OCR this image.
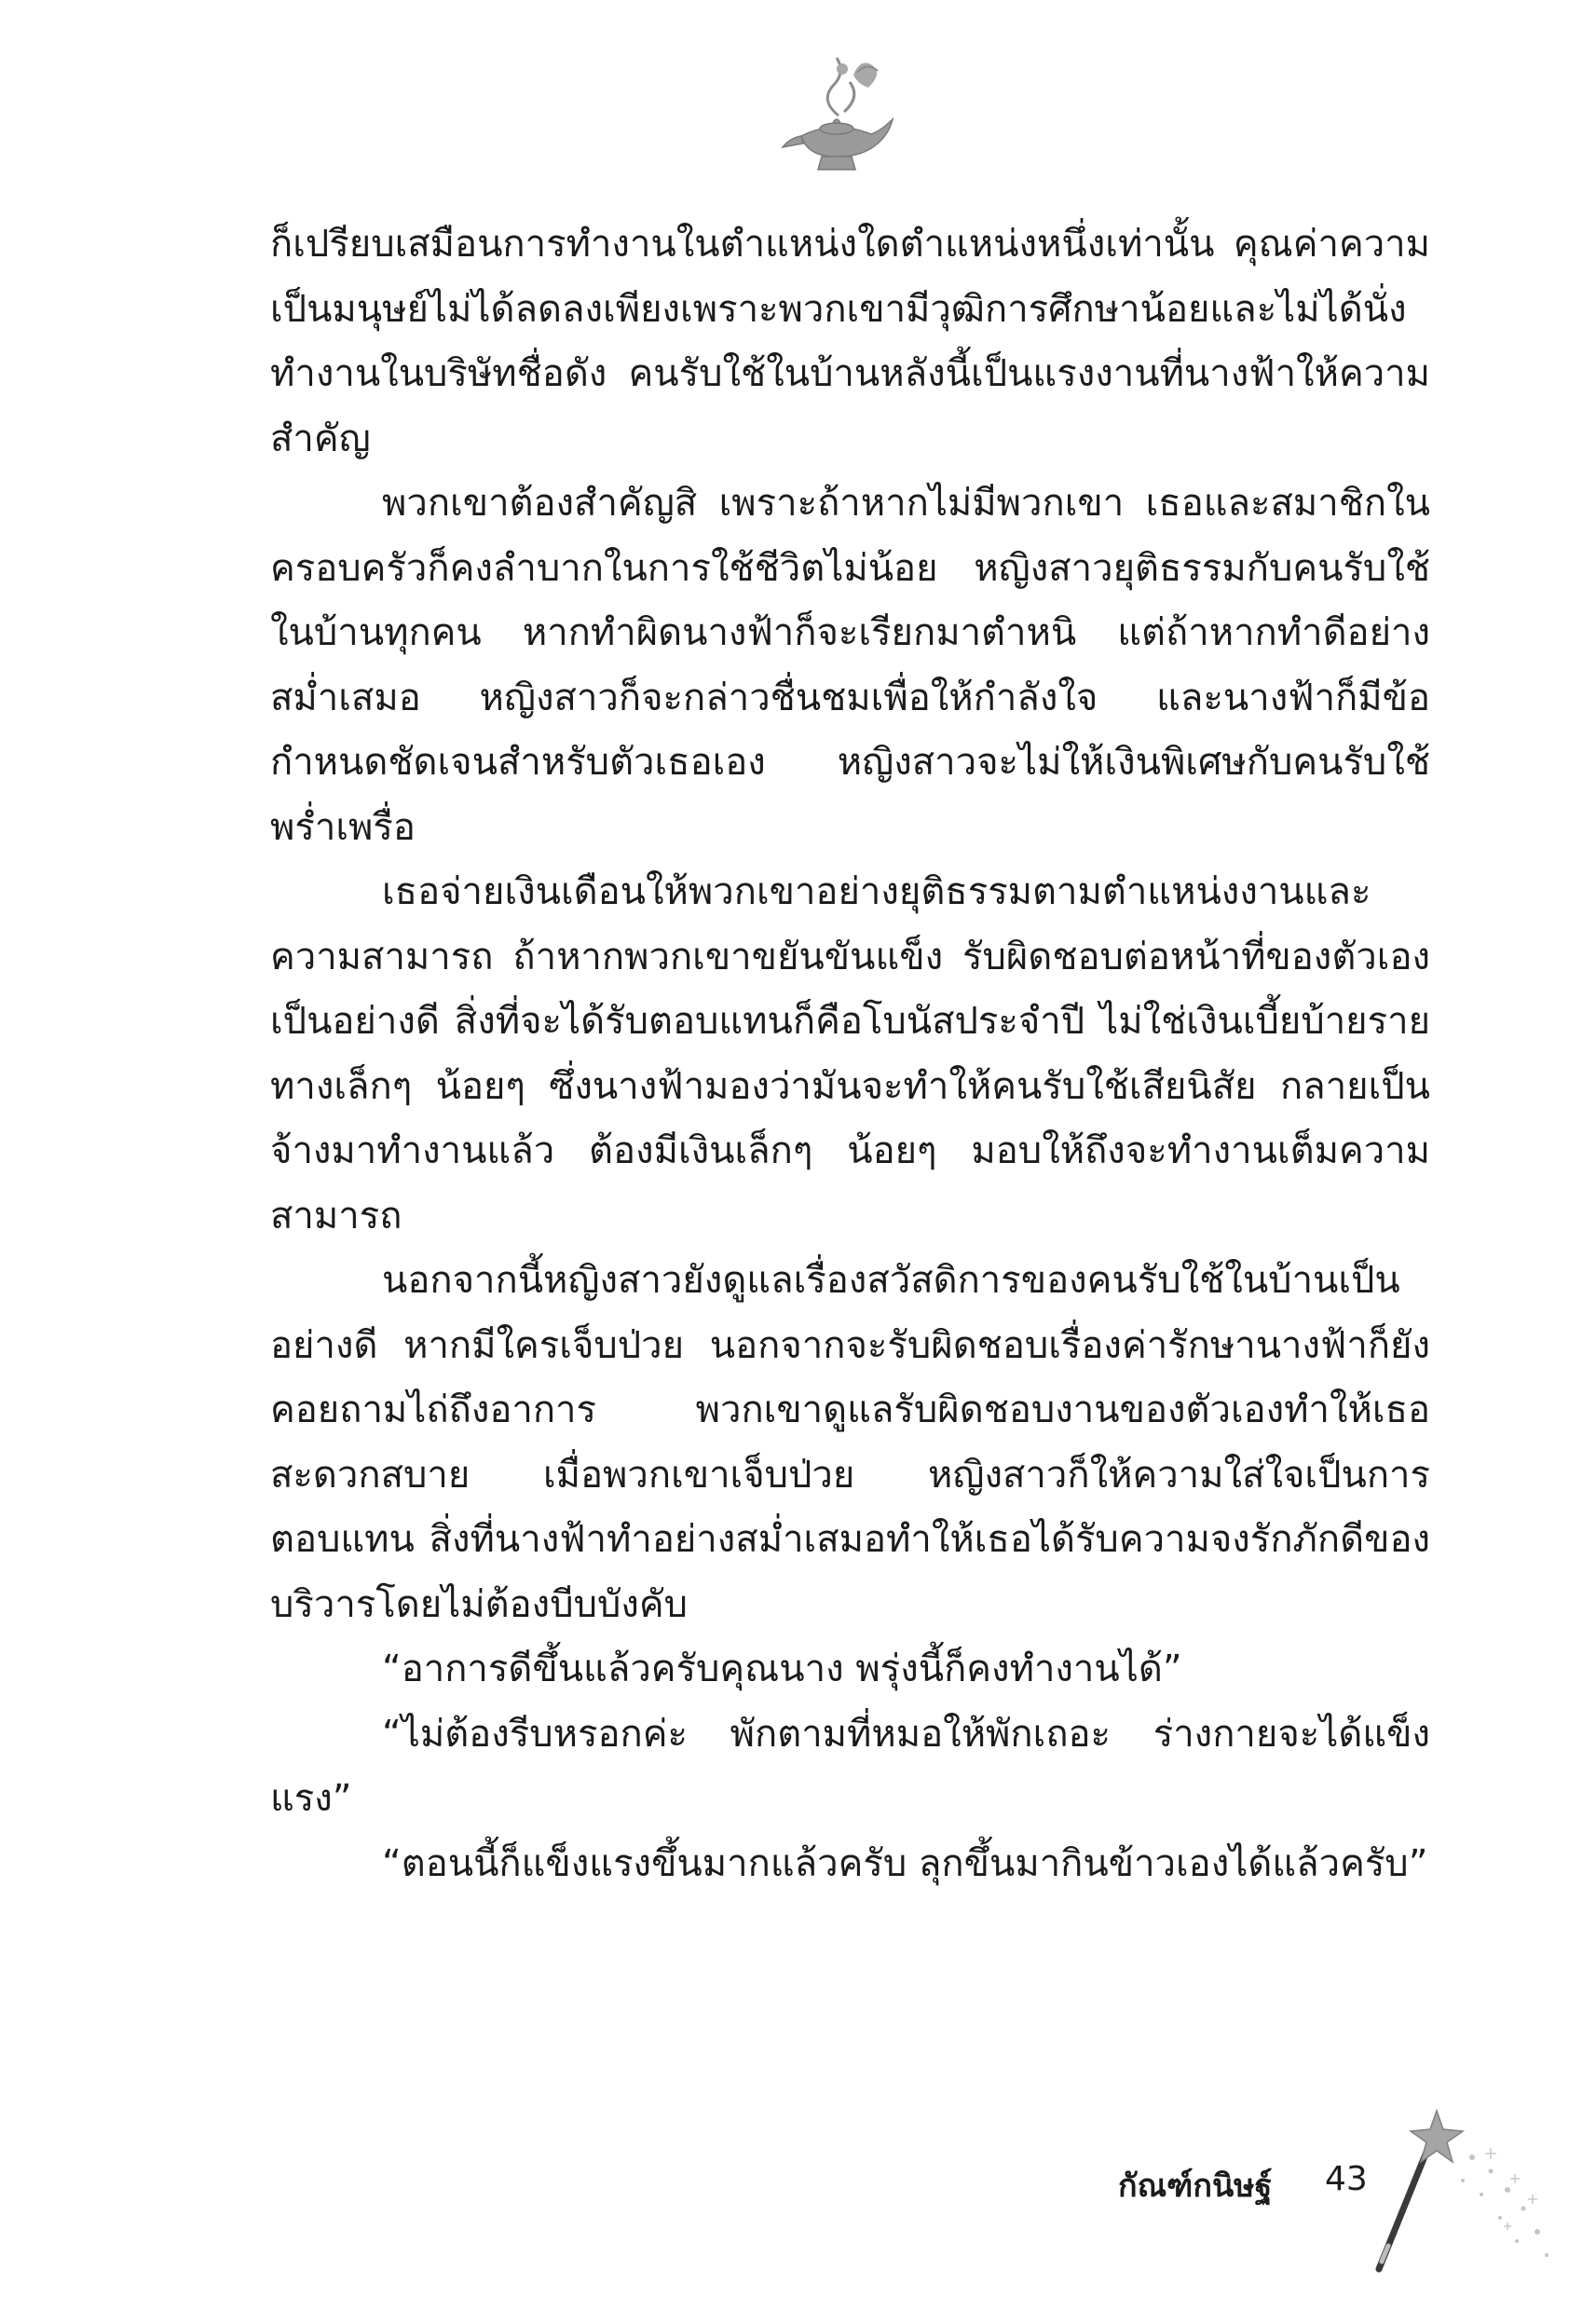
ก็เปรียบเสมือนการทำงานในตำแหน่งใดตำแหน่งหนึ่งเท่านั้น คุณค่าความเป็นมนุษย์ไม่ได้ลดลงเพียงเพราะพวกเขามีวุฒิการศึกษาน้อยและไม่ได้นั่งทำงานในบริษัทชื่อดัง คนรับใช้ในบ้านหลังนี้เป็นแรงงานที่นางฟ้าให้ความสำคัญ

พวกเขาต้องสำคัญสิ เพราะถ้าหากไม่มีพวกเขา เธอและสมาชิกในครอบครัวก็คงลำบากในการใช้ชีวิตไม่น้อย หญิงสาวยุติธรรมกับคนรับใช้ในบ้านทุกคน หากทำผิดนางฟ้าก็จะเรียกมาตำหนิ แต่ถ้าหากทำดีอย่างสม่ำเสมอ หญิงสาวก็จะกล่าวชื่นชมเพื่อให้กำลังใจ และนางฟ้าก็มีข้อกำหนดชัดเจนสำหรับตัวเธอเอง หญิงสาวจะไม่ให้เงินพิเศษกับคนรับใช้พร่ำเพรื่อ

เธอจ่ายเงินเดือนให้พวกเขาอย่างยุติธรรมตามตำแหน่งงานและความสามารถ ถ้าหากพวกเขาขยันขันแข็ง รับผิดชอบต่อหน้าที่ของตัวเองเป็นอย่างดี สิ่งที่จะได้รับตอบแทนก็คือโบนัสประจำปี ไม่ใช่เงินเบี้ยบ้ายรายทางเล็กๆ น้อยๆ ซึ่งนางฟ้ามองว่ามันจะทำให้คนรับใช้เสียนิสัย กลายเป็นจ้างมาทำงานแล้ว ต้องมีเงินเล็กๆ น้อยๆ มอบให้ถึงจะทำงานเต็มความสามารถ

นอกจากนี้หญิงสาวยังดูแลเรื่องสวัสดิการของคนรับใช้ในบ้านเป็นอย่างดี หากมีใครเจ็บป่วย นอกจากจะรับผิดชอบเรื่องค่ารักษานางฟ้าก็ยังคอยถามไถ่ถึงอาการ พวกเขาดูแลรับผิดชอบงานของตัวเองทำให้เธอสะดวกสบาย เมื่อพวกเขาเจ็บป่วย หญิงสาวก็ให้ความใส่ใจเป็นการตอบแทน สิ่งที่นางฟ้าทำอย่างสม่ำเสมอทำให้เธอได้รับความจงรักภักดีของบริวารโดยไม่ต้องบีบบังคับ

“อาการดีขึ้นแล้วครับคุณนาง พรุ่งนี้ก็คงทำงานได้”

“ไม่ต้องรีบหรอกค่ะ พักตามที่หมอให้พักเถอะ ร่างกายจะได้แข็งแรง”

“ตอนนี้ก็แข็งแรงขึ้นมากแล้วครับ ลุกขึ้นมากินข้าวเองได้แล้วครับ”

กัณฑ์กนิษฐ์ 43
